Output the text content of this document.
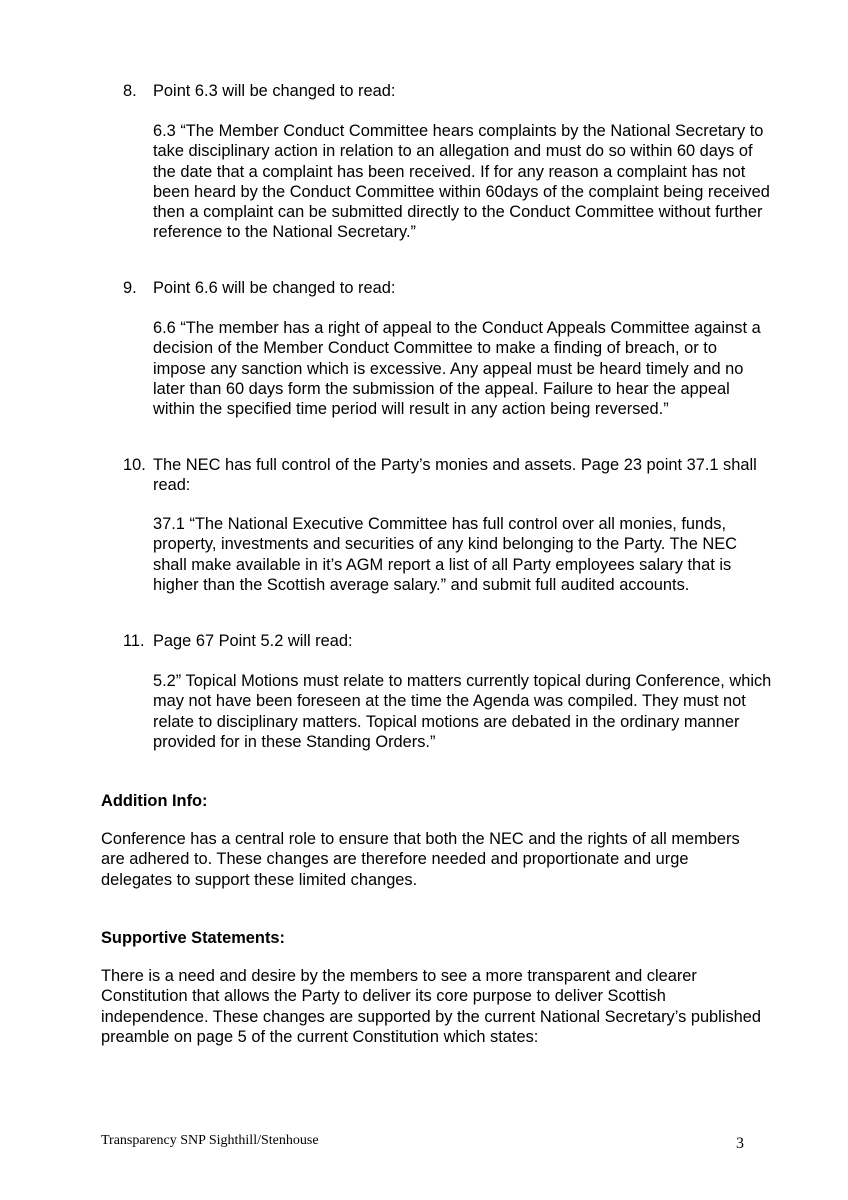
8. Point 6.3 will be changed to read:
6.3 “The Member Conduct Committee hears complaints by the National Secretary to take disciplinary action in relation to an allegation and must do so within 60 days of the date that a complaint has been received. If for any reason a complaint has not been heard by the Conduct Committee within 60days of the complaint being received then a complaint can be submitted directly to the Conduct Committee without further reference to the National Secretary.”
9. Point 6.6 will be changed to read:
6.6 “The member has a right of appeal to the Conduct Appeals Committee against a decision of the Member Conduct Committee to make a finding of breach, or to impose any sanction which is excessive. Any appeal must be heard timely and no later than 60 days form the submission of the appeal. Failure to hear the appeal within the specified time period will result in any action being reversed.”
10. The NEC has full control of the Party’s monies and assets. Page 23 point 37.1 shall read:
37.1 “The National Executive Committee has full control over all monies, funds, property, investments and securities of any kind belonging to the Party. The NEC shall make available in it’s AGM report a list of all Party employees salary that is higher than the Scottish average salary.” and submit full audited accounts.
11. Page 67 Point 5.2 will read:
5.2” Topical Motions must relate to matters currently topical during Conference, which may not have been foreseen at the time the Agenda was compiled. They must not relate to disciplinary matters. Topical motions are debated in the ordinary manner provided for in these Standing Orders.”
Addition Info:
Conference has a central role to ensure that both the NEC and the rights of all members are adhered to. These changes are therefore needed and proportionate and urge delegates to support these limited changes.
Supportive Statements:
There is a need and desire by the members to see a more transparent and clearer Constitution that allows the Party to deliver its core purpose to deliver Scottish independence. These changes are supported by the current National Secretary’s published preamble on page 5 of the current Constitution which states:
Transparency SNP Sighthill/Stenhouse	3
